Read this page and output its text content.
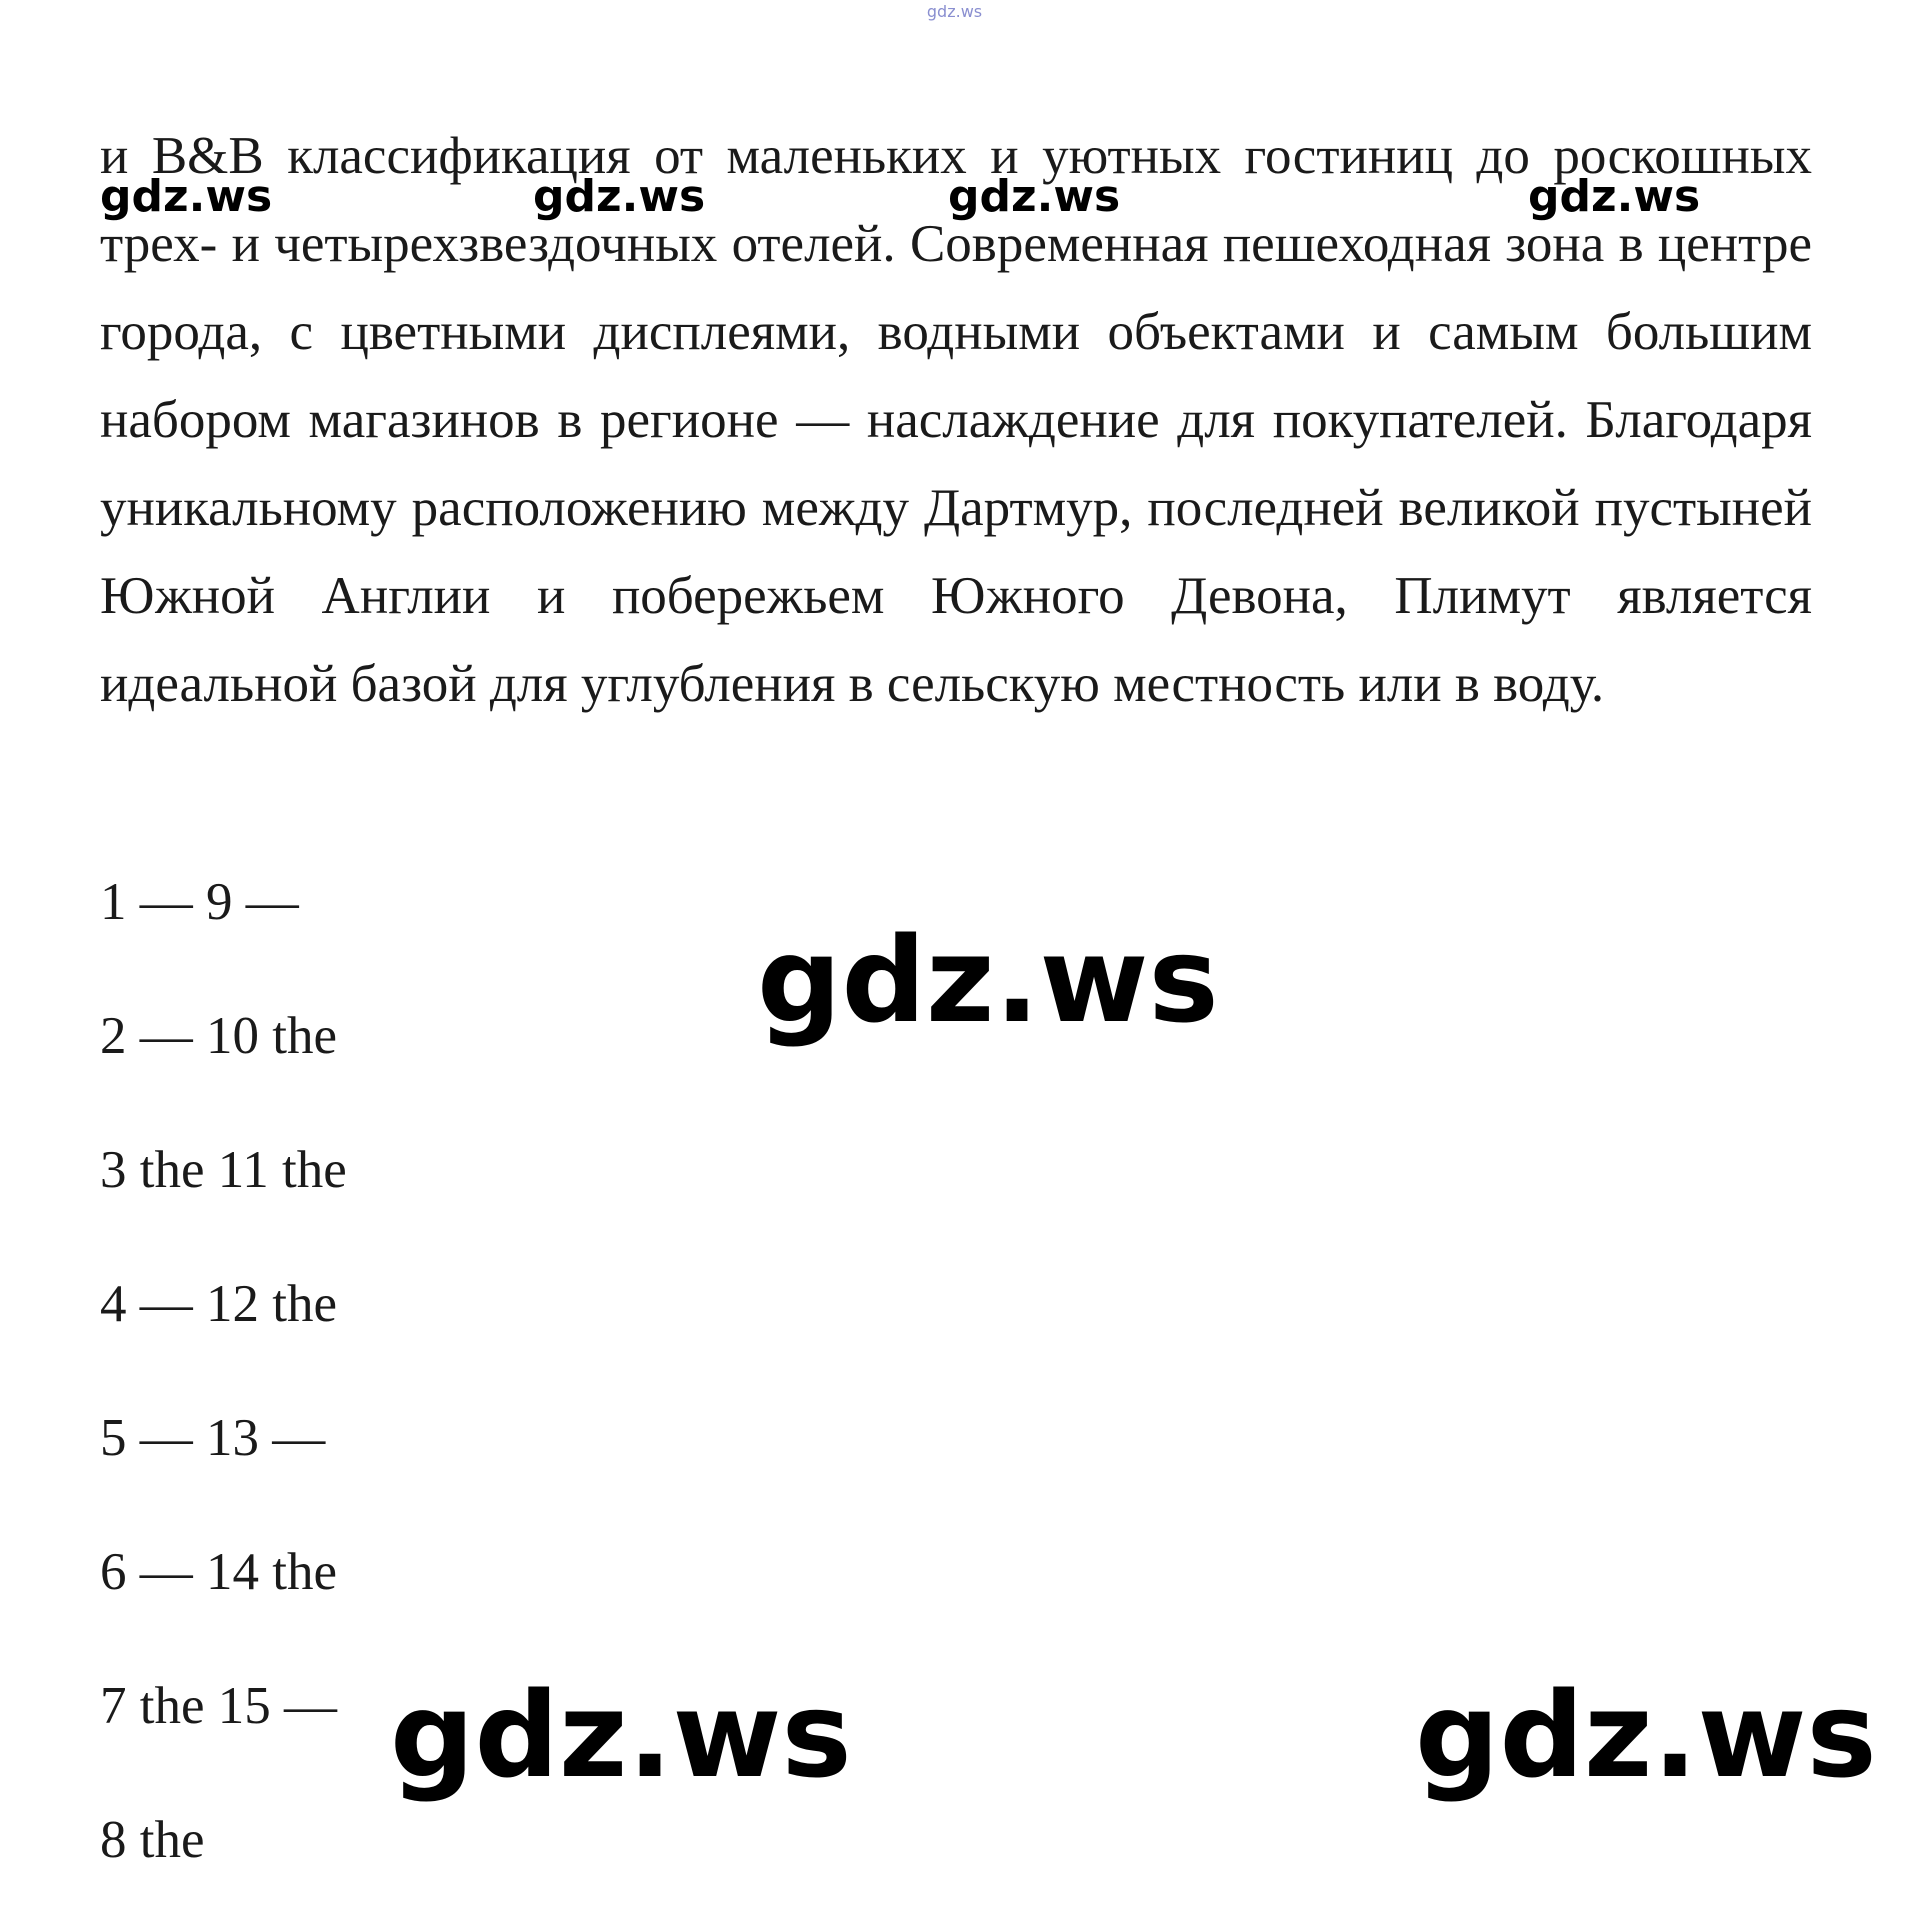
gdz.ws

и B&B классификация от маленьких и уютных гостиниц до роскошных трех- и четырехзвездочных отелей. Современная пешеходная зона в центре города, с цветными дисплеями, водными объектами и самым большим набором магазинов в регионе — наслаждение для покупателей. Благодаря уникальному расположению между Дартмур, последней великой пустыней Южной Англии и побережьем Южного Девона, Плимут является идеальной базой для углубления в сельскую местность или в воду.

1 — 9 —
2 — 10 the
3 the 11 the
4 — 12 the
5 — 13 —
6 — 14 the
7 the 15 —
8 the
gdz.ws	gdz.ws	gdz.ws	gdz.ws
gdz.ws
gdz.ws	gdz.ws
